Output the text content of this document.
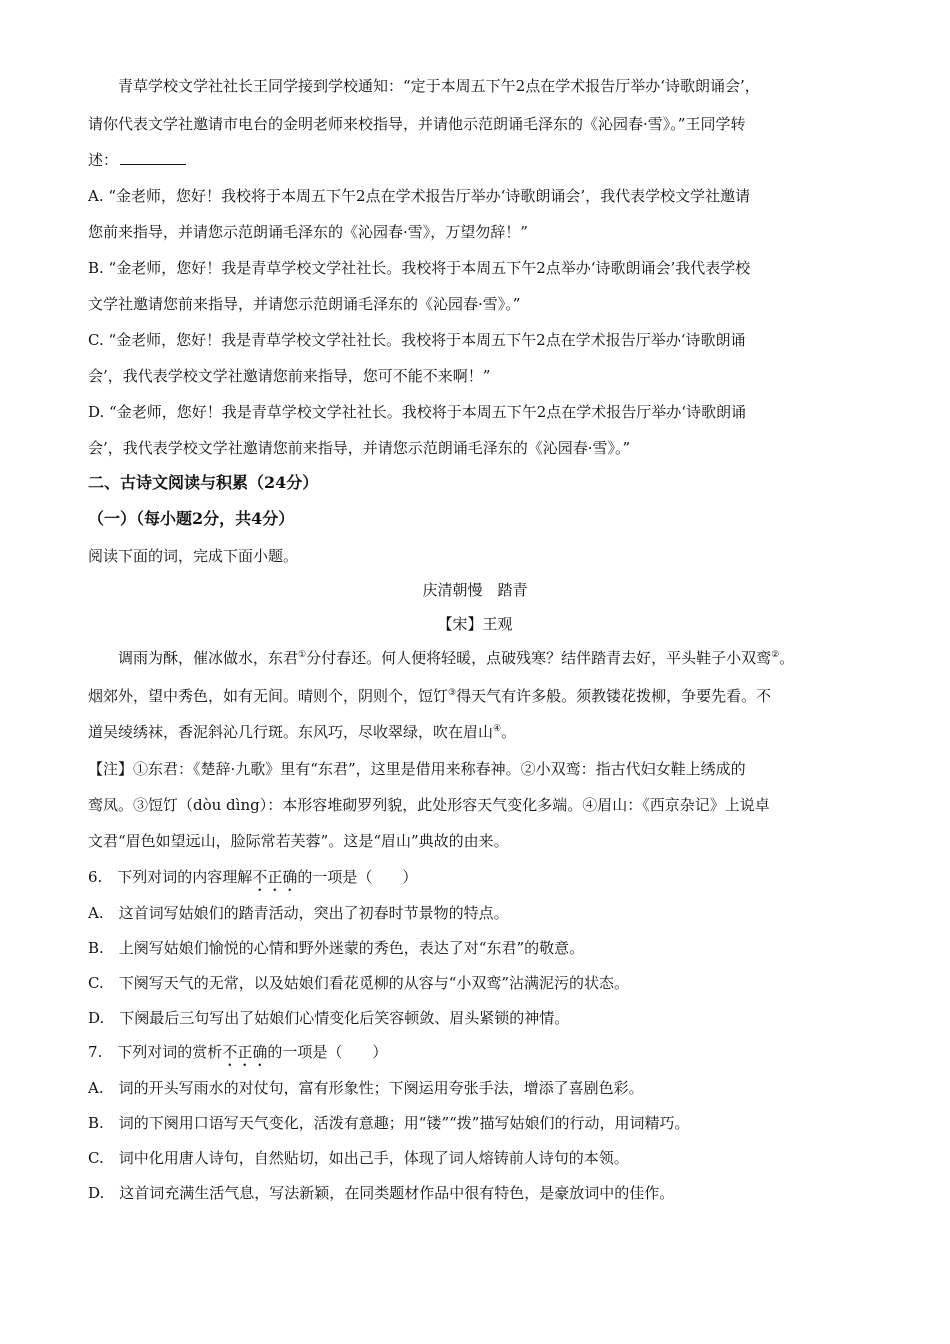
青草学校文学社社长王同学接到学校通知：“定于本周五下午2点在学术报告厅举办‘诗歌朗诵会’，
请你代表文学社邀请市电台的金明老师来校指导，并请他示范朗诵毛泽东的《沁园春·雪》。”王同学转
述：
A. “金老师，您好！我校将于本周五下午2点在学术报告厅举办‘诗歌朗诵会’，我代表学校文学社邀请
您前来指导，并请您示范朗诵毛泽东的《沁园春·雪》，万望勿辞！”
B. “金老师，您好！我是青草学校文学社社长。我校将于本周五下午2点举办‘诗歌朗诵会’我代表学校
文学社邀请您前来指导，并请您示范朗诵毛泽东的《沁园春·雪》。”
C. “金老师，您好！我是青草学校文学社社长。我校将于本周五下午2点在学术报告厅举办‘诗歌朗诵
会’，我代表学校文学社邀请您前来指导，您可不能不来啊！”
D. “金老师，您好！我是青草学校文学社社长。我校将于本周五下午2点在学术报告厅举办‘诗歌朗诵
会’，我代表学校文学社邀请您前来指导，并请您示范朗诵毛泽东的《沁园春·雪》。”
二、古诗文阅读与积累（24分）
（一）（每小题2分，共4分）
阅读下面的词，完成下面小题。
庆清朝慢　踏青
【宋】王观
调雨为酥，催冰做水，东君①分付春还。何人便将轻暖，点破残寒？结伴踏青去好，平头鞋子小双鸾②。
烟郊外，望中秀色，如有无间。晴则个，阴则个，饾饤③得天气有许多般。须教镂花拨柳，争要先看。不
道吴绫绣袜，香泥斜沁几行斑。东风巧，尽收翠绿，吹在眉山④。
【注】①东君：《楚辞·九歌》里有“东君”，这里是借用来称春神。②小双鸾：指古代妇女鞋上绣成的
鸾凤。③饾饤（dòu dìng）：本形容堆砌罗列貌，此处形容天气变化多端。④眉山：《西京杂记》上说卓
文君“眉色如望远山，脸际常若芙蓉”。这是“眉山”典故的由来。
6.　下列对词的内容理解不正确的一项是（　　）
A.　这首词写姑娘们的踏青活动，突出了初春时节景物的特点。
B.　上阕写姑娘们愉悦的心情和野外迷蒙的秀色，表达了对“东君”的敬意。
C.　下阕写天气的无常，以及姑娘们看花觅柳的从容与“小双鸾”沾满泥污的状态。
D.　下阕最后三句写出了姑娘们心情变化后笑容顿敛、眉头紧锁的神情。
7.　下列对词的赏析不正确的一项是（　　）
A.　词的开头写雨水的对仗句，富有形象性；下阕运用夸张手法，增添了喜剧色彩。
B.　词的下阕用口语写天气变化，活泼有意趣；用“镂”“拨”描写姑娘们的行动，用词精巧。
C.　词中化用唐人诗句，自然贴切，如出己手，体现了词人熔铸前人诗句的本领。
D.　这首词充满生活气息，写法新颖，在同类题材作品中很有特色，是豪放词中的佳作。
